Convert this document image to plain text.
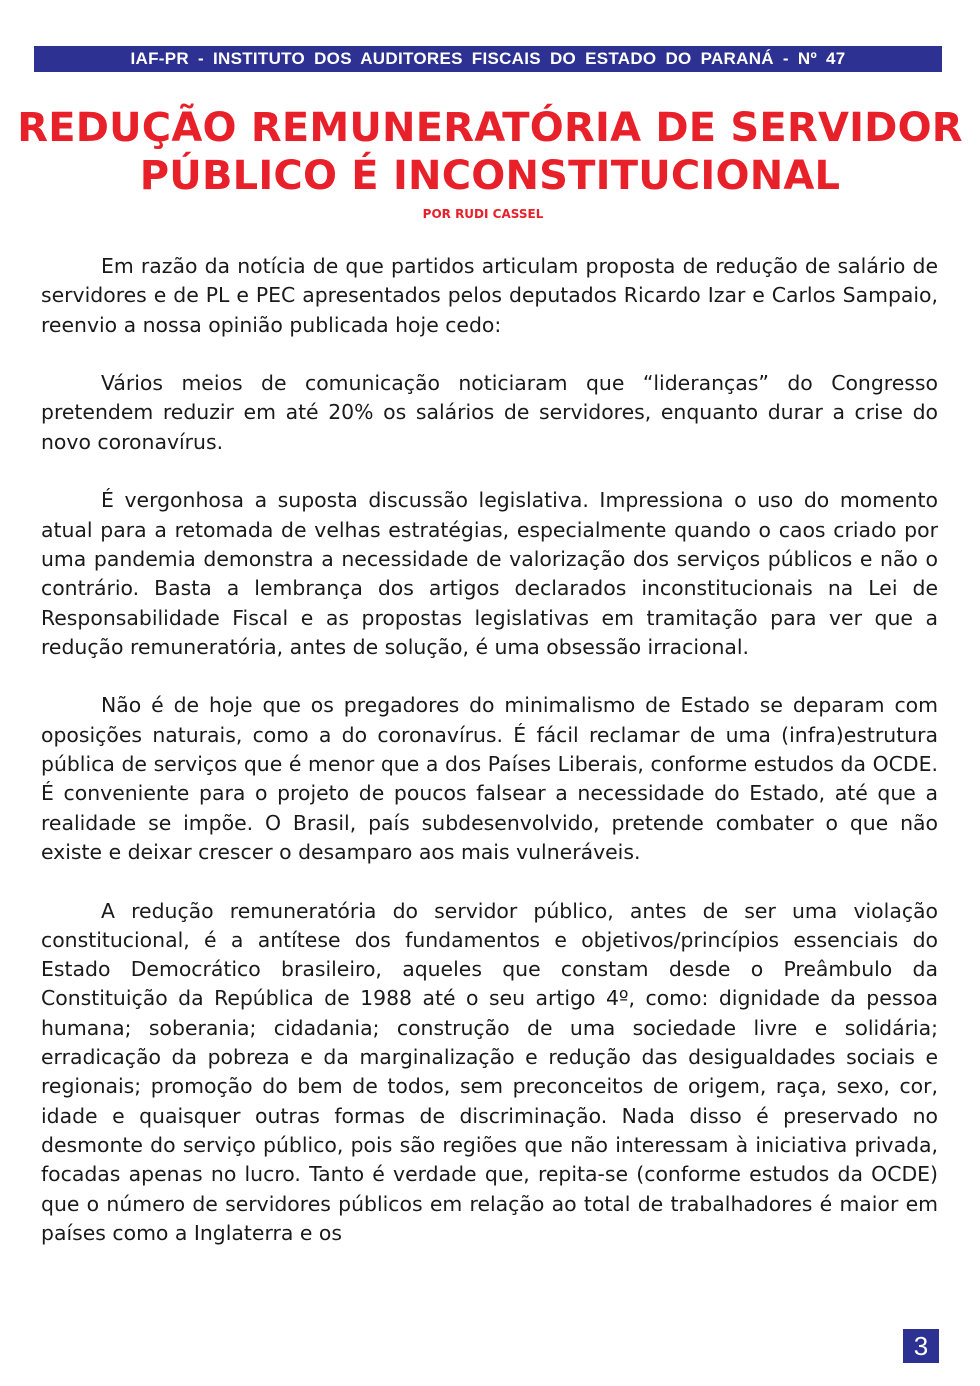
IAF-PR - INSTITUTO DOS AUDITORES FISCAIS DO ESTADO DO PARANÁ - Nº 47
REDUÇÃO REMUNERATÓRIA DE SERVIDOR
PÚBLICO É INCONSTITUCIONAL
POR RUDI CASSEL

Em razão da notícia de que partidos articulam proposta de redução de salário de servidores e de PL e PEC apresentados pelos deputados Ricardo Izar e Carlos Sampaio, reenvio a nossa opinião publicada hoje cedo:

Vários meios de comunicação noticiaram que “lideranças” do Congresso pretendem reduzir em até 20% os salários de servidores, enquanto durar a crise do novo coronavírus.

É vergonhosa a suposta discussão legislativa. Impressiona o uso do momento atual para a retomada de velhas estratégias, especialmente quando o caos criado por uma pandemia demonstra a necessidade de valorização dos serviços públicos e não o contrário. Basta a lembrança dos artigos declarados inconstitucionais na Lei de Responsabilidade Fiscal e as propostas legislativas em tramitação para ver que a redução remuneratória, antes de solução, é uma obsessão irracional.

Não é de hoje que os pregadores do minimalismo de Estado se deparam com oposições naturais, como a do coronavírus. É fácil reclamar de uma (infra)estrutura pública de serviços que é menor que a dos Países Liberais, conforme estudos da OCDE. É conveniente para o projeto de poucos falsear a necessidade do Estado, até que a realidade se impõe. O Brasil, país subdesenvolvido, pretende combater o que não existe e deixar crescer o desamparo aos mais vulneráveis.

A redução remuneratória do servidor público, antes de ser uma violação constitucional, é a antítese dos fundamentos e objetivos/princípios essenciais do Estado Democrático brasileiro, aqueles que constam desde o Preâmbulo da Constituição da República de 1988 até o seu artigo 4º, como: dignidade da pessoa humana; soberania; cidadania; construção de uma sociedade livre e solidária; erradicação da pobreza e da marginalização e redução das desigualdades sociais e regionais; promoção do bem de todos, sem preconceitos de origem, raça, sexo, cor, idade e quaisquer outras formas de discriminação. Nada disso é preservado no desmonte do serviço público, pois são regiões que não interessam à iniciativa privada, focadas apenas no lucro. Tanto é verdade que, repita-se (conforme estudos da OCDE) que o número de servidores públicos em relação ao total de trabalhadores é maior em países como a Inglaterra e os

3
